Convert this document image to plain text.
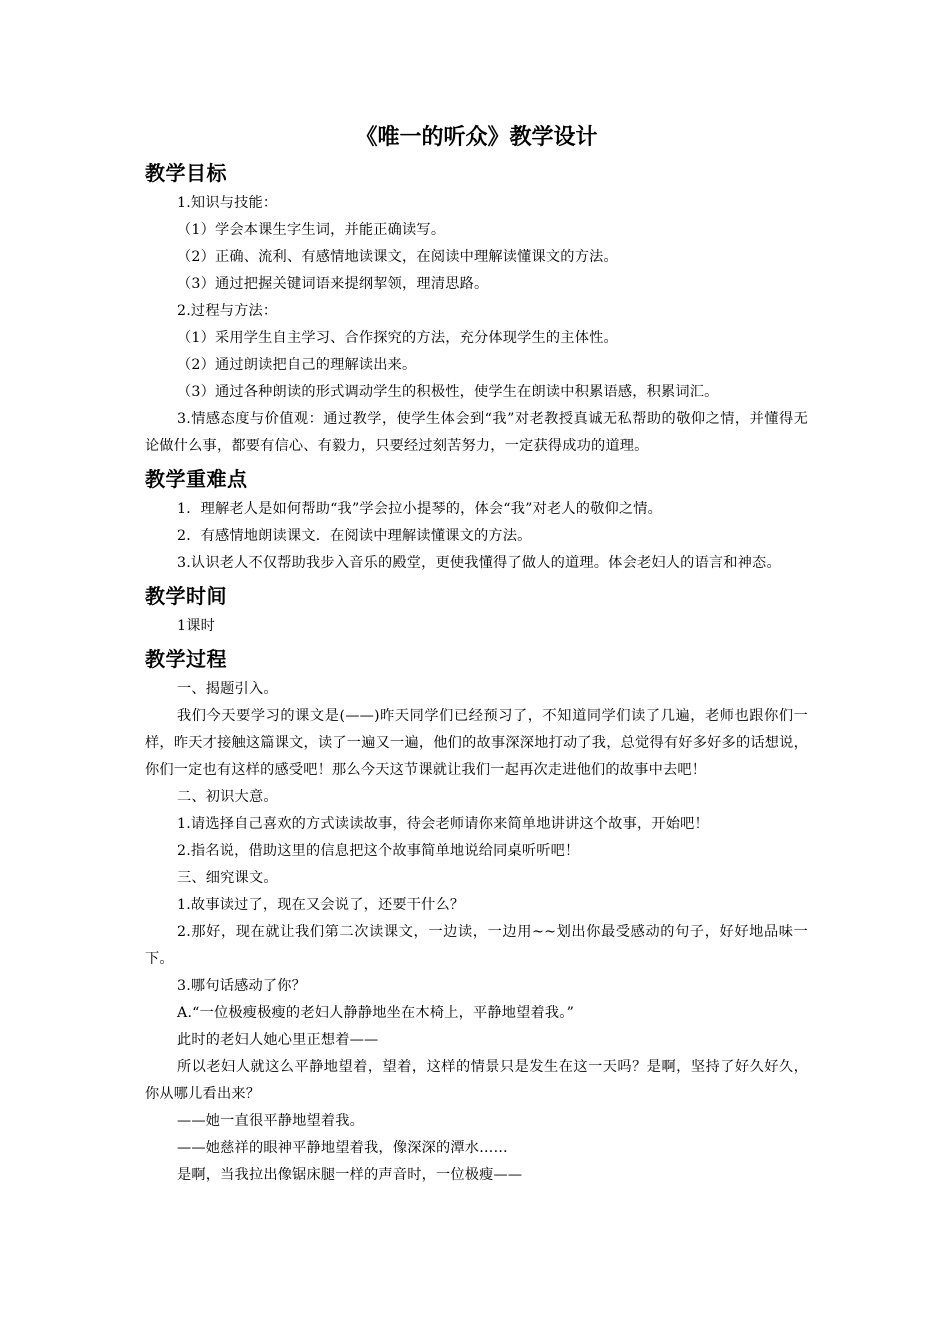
《唯一的听众》教学设计
教学目标

1.知识与技能：

（1）学会本课生字生词，并能正确读写。

（2）正确、流利、有感情地读课文，在阅读中理解读懂课文的方法。

（3）通过把握关键词语来提纲挈领，理清思路。

2.过程与方法：

（1）采用学生自主学习、合作探究的方法，充分体现学生的主体性。

（2）通过朗读把自己的理解读出来。

（3）通过各种朗读的形式调动学生的积极性，使学生在朗读中积累语感，积累词汇。

3.情感态度与价值观：通过教学，使学生体会到“我”对老教授真诚无私帮助的敬仰之情，并懂得无论做什么事，都要有信心、有毅力，只要经过刻苦努力，一定获得成功的道理。

教学重难点

1．理解老人是如何帮助“我”学会拉小提琴的，体会“我”对老人的敬仰之情。

2．有感情地朗读课文．在阅读中理解读懂课文的方法。

3.认识老人不仅帮助我步入音乐的殿堂，更使我懂得了做人的道理。体会老妇人的语言和神态。

教学时间

1课时

教学过程

一、揭题引入。

我们今天要学习的课文是(——)昨天同学们已经预习了，不知道同学们读了几遍，老师也跟你们一样，昨天才接触这篇课文，读了一遍又一遍，他们的故事深深地打动了我，总觉得有好多好多的话想说，你们一定也有这样的感受吧！那么今天这节课就让我们一起再次走进他们的故事中去吧！

二、初识大意。

1.请选择自己喜欢的方式读读故事，待会老师请你来简单地讲讲这个故事，开始吧！

2.指名说，借助这里的信息把这个故事简单地说给同桌听听吧！

三、细究课文。

1.故事读过了，现在又会说了，还要干什么？

2.那好，现在就让我们第二次读课文，一边读，一边用~~划出你最受感动的句子，好好地品味一下。

3.哪句话感动了你？

A.“一位极瘦极瘦的老妇人静静地坐在木椅上，平静地望着我。”

此时的老妇人她心里正想着——

所以老妇人就这么平静地望着，望着，这样的情景只是发生在这一天吗？是啊，坚持了好久好久，你从哪儿看出来？

——她一直很平静地望着我。

——她慈祥的眼神平静地望着我，像深深的潭水……

是啊，当我拉出像锯床腿一样的声音时，一位极瘦——
